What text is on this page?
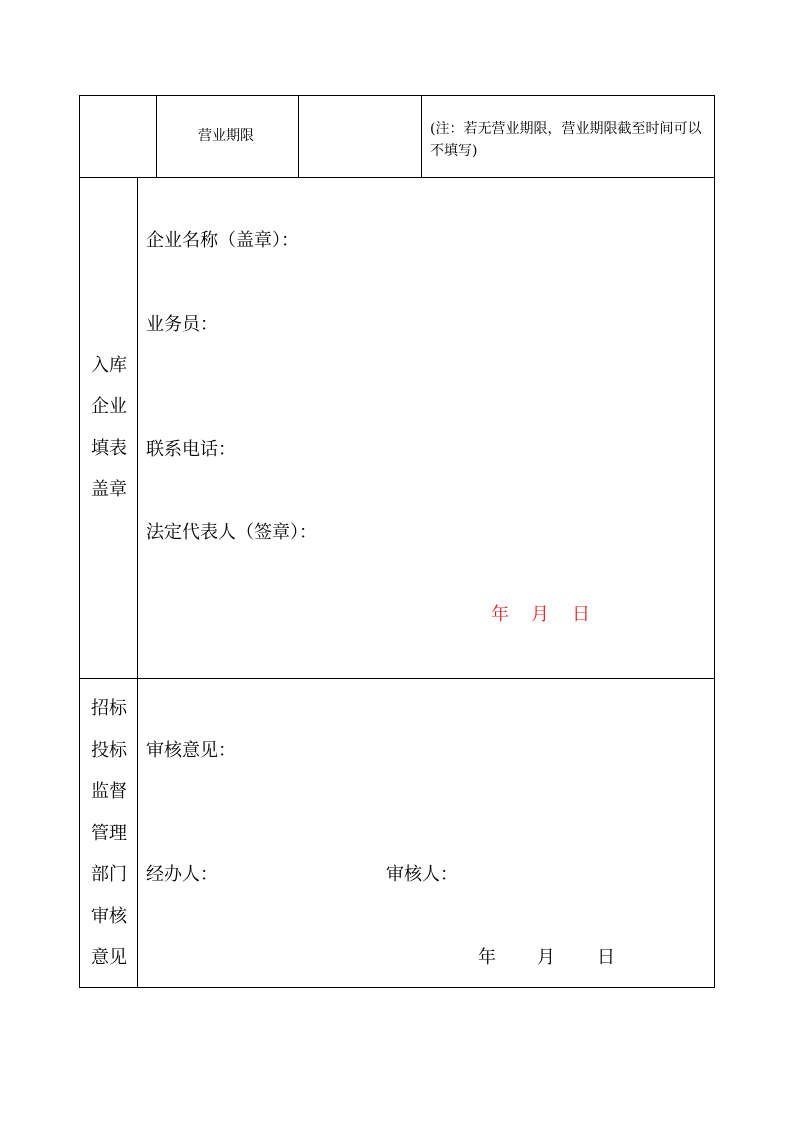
营业期限	(注：若无营业期限，营业期限截至时间可以不填写)
入库
企业
填表
盖章
企业名称（盖章）：
业务员：
联系电话：
法定代表人（签章）：
年 月 日
招标
投标
监督
管理
部门
审核
意见
审核意见：
经办人：	审核人：
年 月 日
